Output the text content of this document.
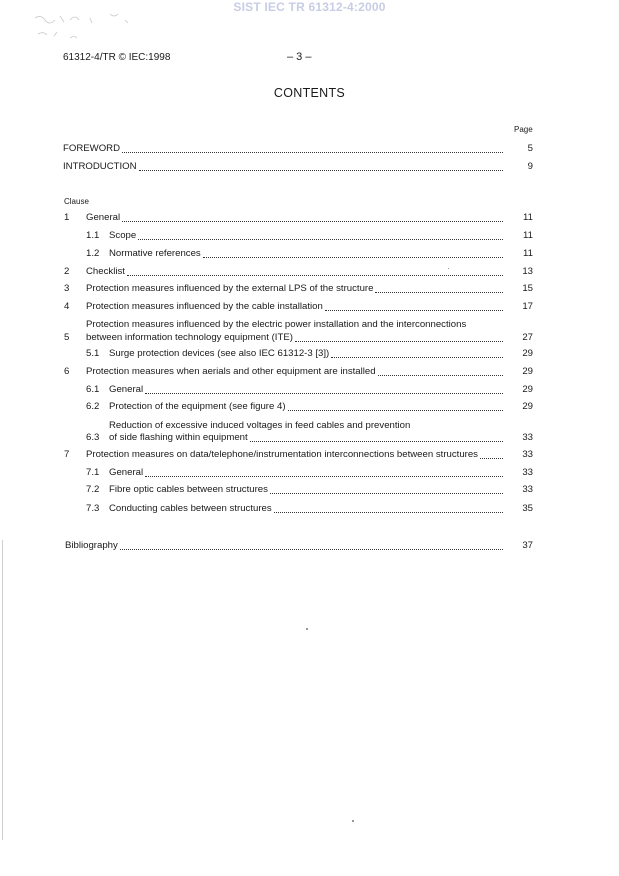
SIST IEC TR 61312-4:2000
61312-4/TR © IEC:1998	– 3 –
CONTENTS
Page
Clause
FOREWORD	5
INTRODUCTION	9
1 General	11
1.1 Scope	11
1.2 Normative references	11
2 Checklist	13
3 Protection measures influenced by the external LPS of the structure	15
4 Protection measures influenced by the cable installation	17
5
Protection measures influenced by the electric power installation and the interconnections
between information technology equipment (ITE)	27
5.1 Surge protection devices (see also IEC 61312-3 [3])	29
6 Protection measures when aerials and other equipment are installed	29
6.1 General	29
6.2 Protection of the equipment (see figure 4)	29
6.3
Reduction of excessive induced voltages in feed cables and prevention
of side flashing within equipment	33
7 Protection measures on data/telephone/instrumentation interconnections between structures	33
7.1 General	33
7.2 Fibre optic cables between structures	33
7.3 Conducting cables between structures	35
Bibliography	37
